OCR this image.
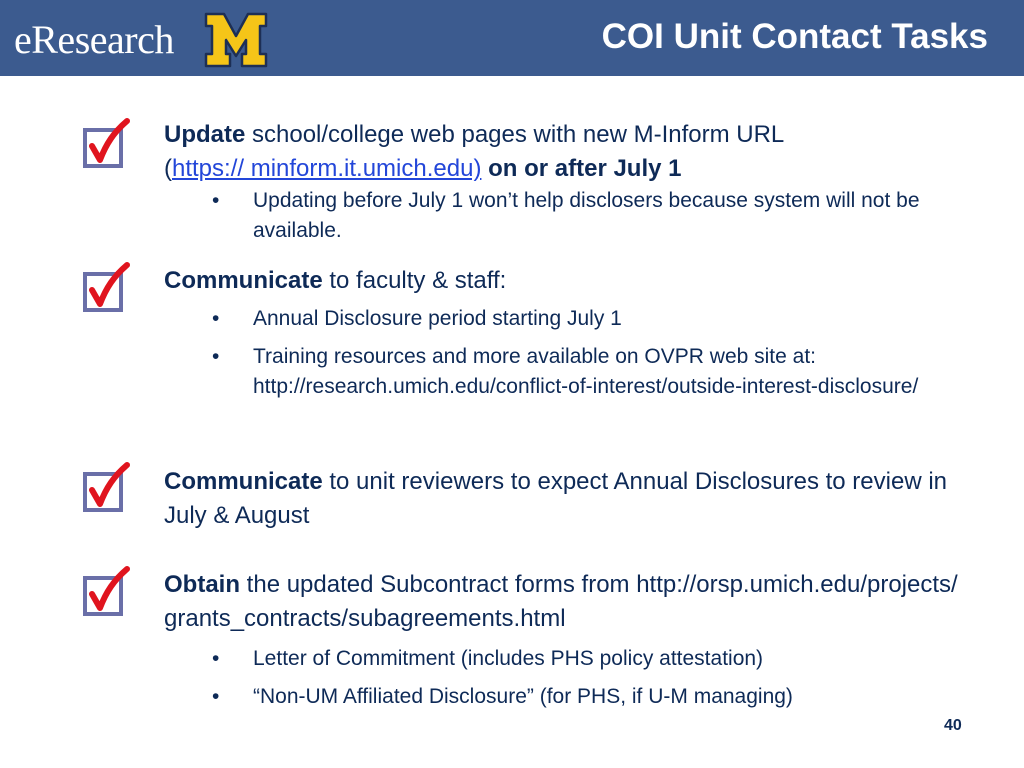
eResearch	COI Unit Contact Tasks
Update school/college web pages with new M-Inform URL
(https:// minform.it.umich.edu) on or after July 1
• Updating before July 1 won’t help disclosers because system will not be available.
Communicate to faculty & staff:
• Annual Disclosure period starting July 1
• Training resources and more available on OVPR web site at: http://research.umich.edu/conflict-of-interest/outside-interest-disclosure/
Communicate to unit reviewers to expect Annual Disclosures to review in July & August
Obtain the updated Subcontract forms from http://orsp.umich.edu/projects/grants_contracts/subagreements.html
• Letter of Commitment (includes PHS policy attestation)
• “Non-UM Affiliated Disclosure” (for PHS, if U-M managing)
40
